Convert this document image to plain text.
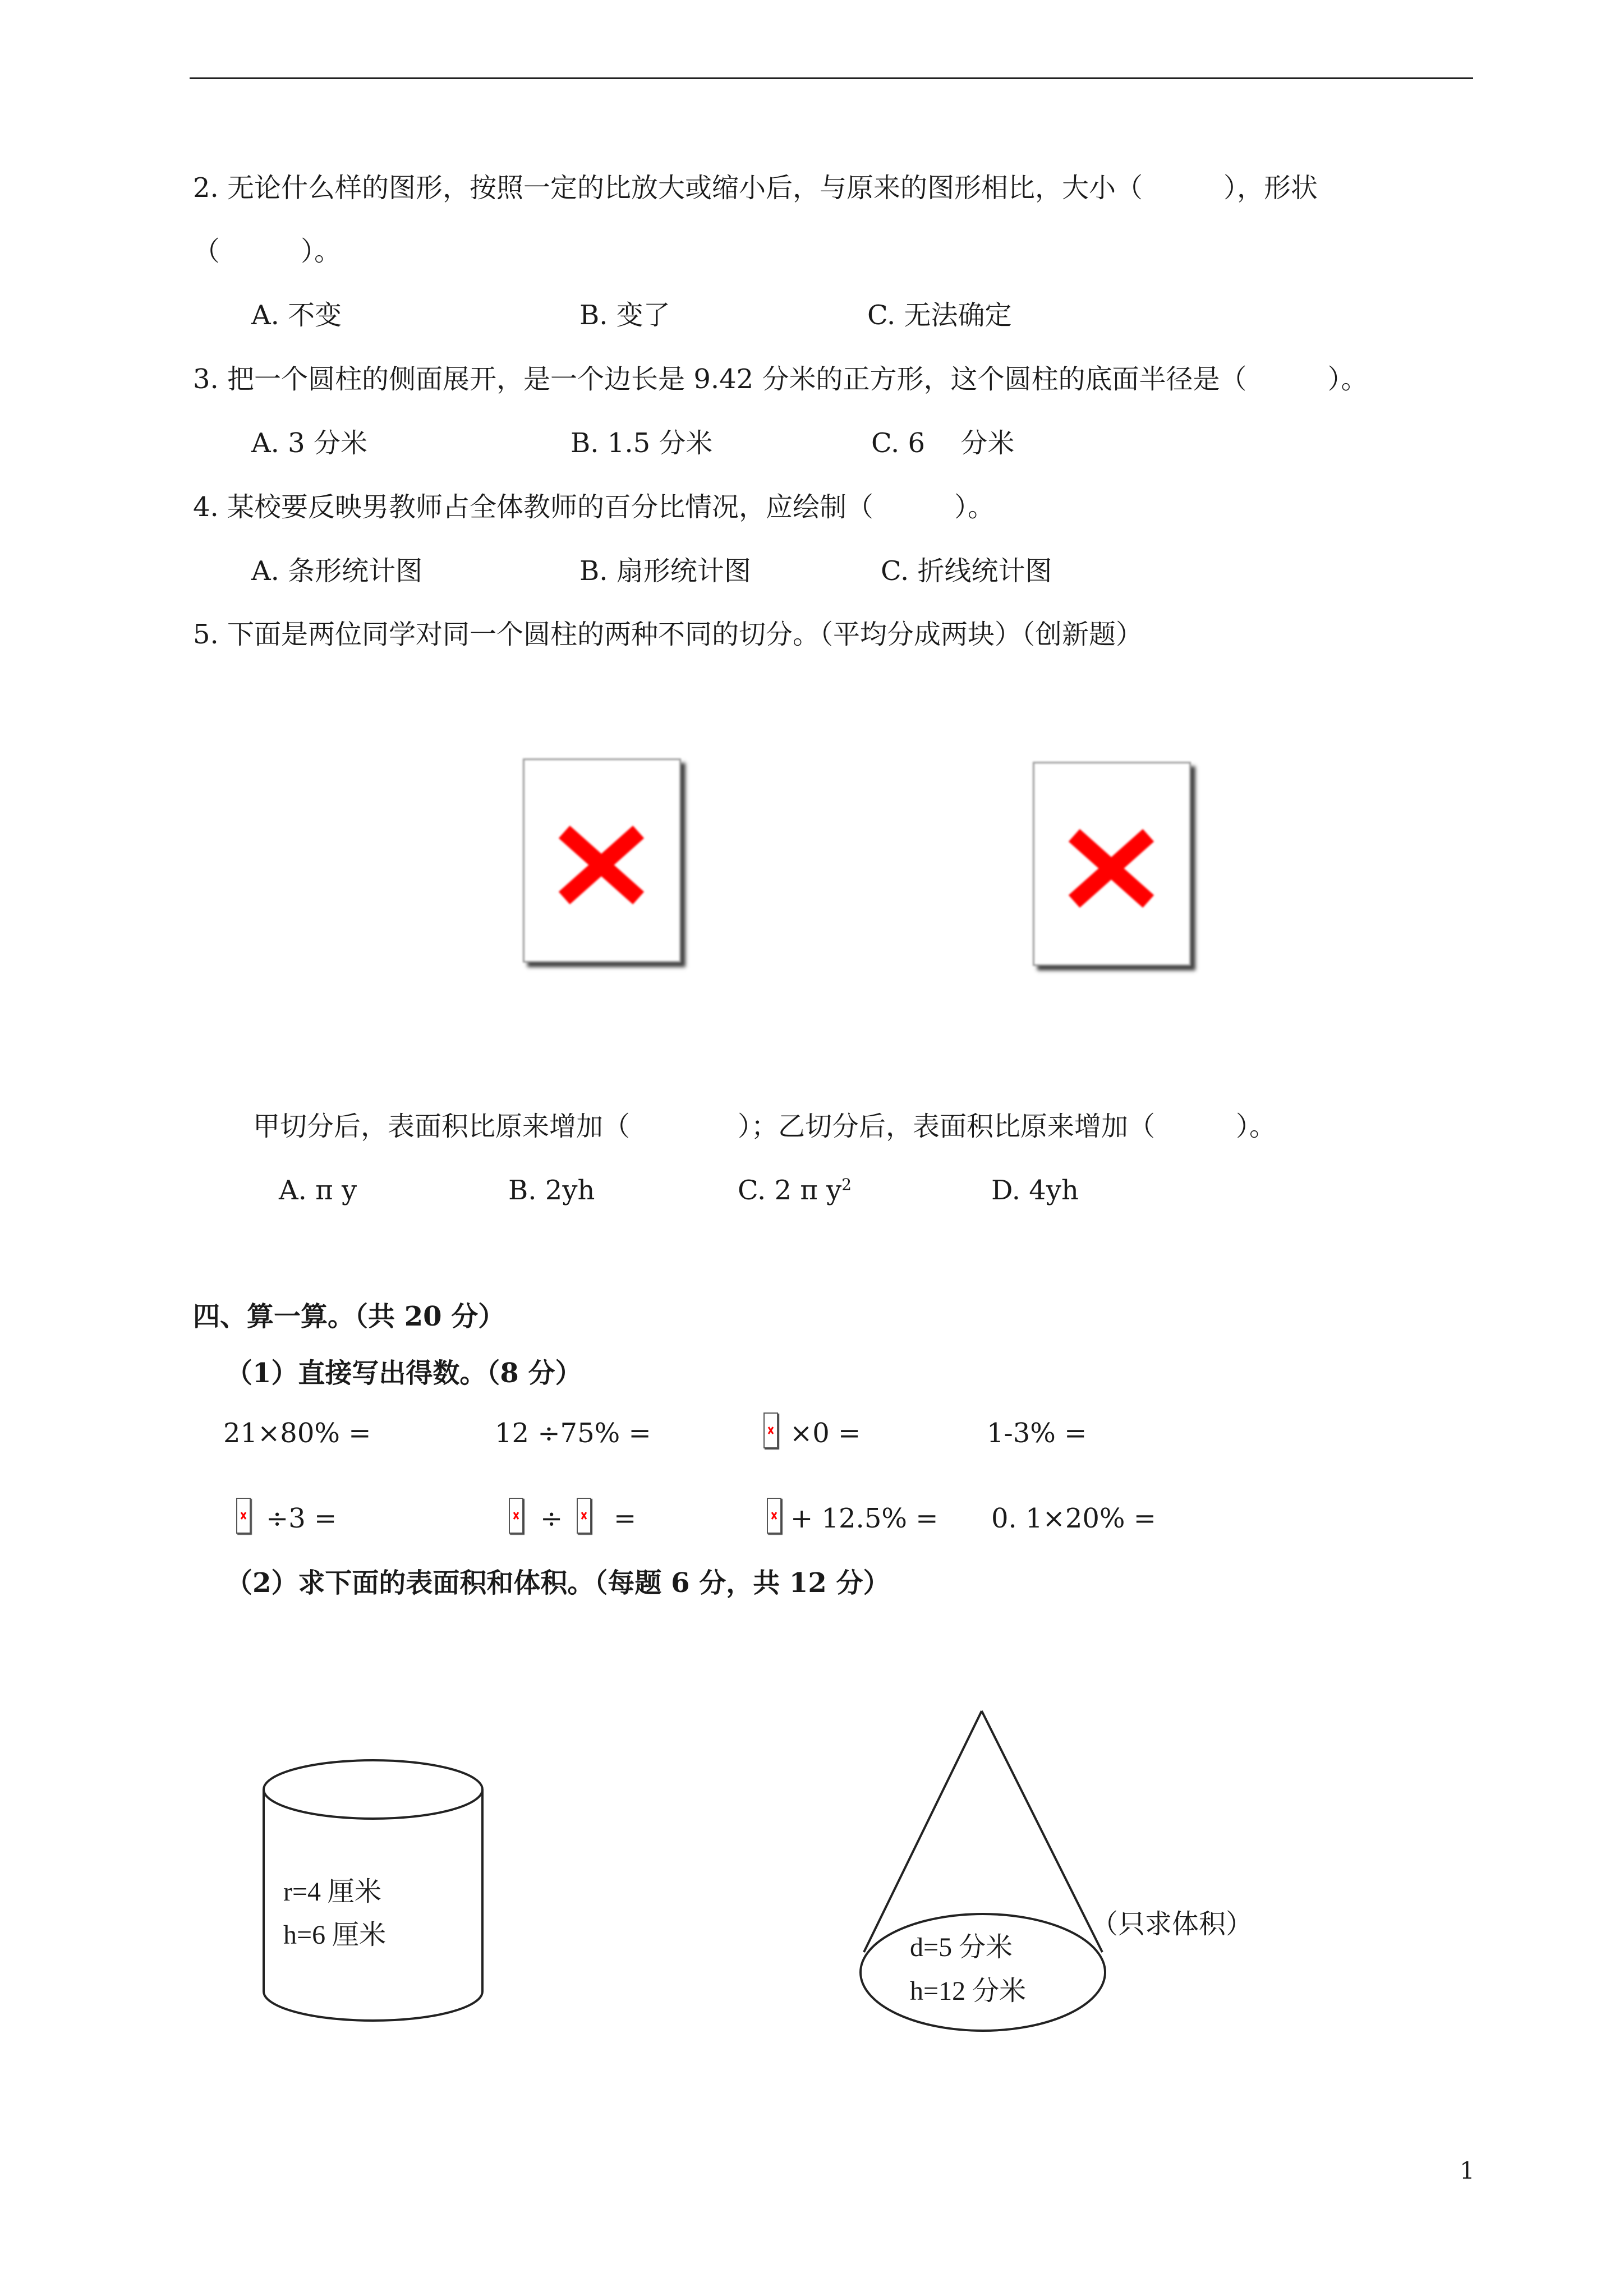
2. 无论什么样的图形，按照一定的比放大或缩小后，与原来的图形相比，大小（　　　），形状
（　　　）。
A. 不变	B. 变了	C. 无法确定
3. 把一个圆柱的侧面展开，是一个边长是 9.42 分米的正方形，这个圆柱的底面半径是（　　　）。
A. 3 分米	B. 1.5 分米	C. 6　 分米
4. 某校要反映男教师占全体教师的百分比情况，应绘制（　　　）。
A. 条形统计图	B. 扇形统计图	C. 折线统计图
5. 下面是两位同学对同一个圆柱的两种不同的切分。（平均分成两块）（创新题）
甲切分后，表面积比原来增加（　　　　）；乙切分后，表面积比原来增加（　　　）。
A. π y	B. 2yh	C. 2 π $y^2$	D. 4yh
四、算一算。（共 20 分）
（1）直接写出得数。（8 分）
21×80% =	12 ÷75% =	×0 =	1-3% =
÷3 =	÷ =	+ 12.5% = 0. 1×20% =
（2）求下面的表面积和体积。（每题 6 分，共 12 分）
r=4 厘米
h=6 厘米	d=5 分米
h=12 分米
（只求体积）
1
